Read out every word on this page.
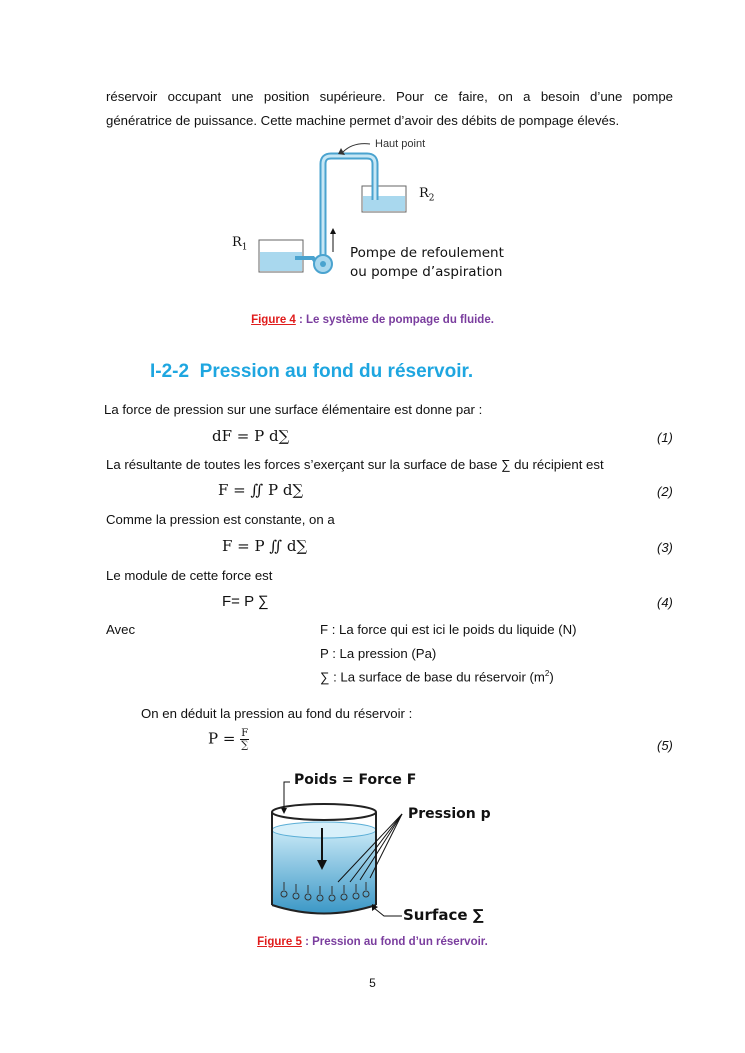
réservoir occupant une position supérieure. Pour ce faire, on a besoin d’une pompe
génératrice de puissance. Cette machine permet d’avoir des débits de pompage élevés.
Haut point
$R_2$
$R_1$	Pompe de refoulement
ou pompe d’aspiration
Figure 4 : Le système de pompage du fluide.
I-2-2 Pression au fond du réservoir.
La force de pression sur une surface élémentaire est donne par :
dF = P d∑	(1)
La résultante de toutes les forces s’exerçant sur la surface de base ∑ du récipient est
F = ∬ P d∑	(2)
Comme la pression est constante, on a
F = P ∬ d∑	(3)
Le module de cette force est
F= P ∑	(4)
Avec	F : La force qui est ici le poids du liquide (N)
P : La pression (Pa)
∑ : La surface de base du réservoir $(m^2)$
On en déduit la pression au fond du réservoir :
$P = \frac{F}{\sum}$	(5)
Poids = Force F
Pression p
Surface ∑
Figure 5 : Pression au fond d’un réservoir.
5
